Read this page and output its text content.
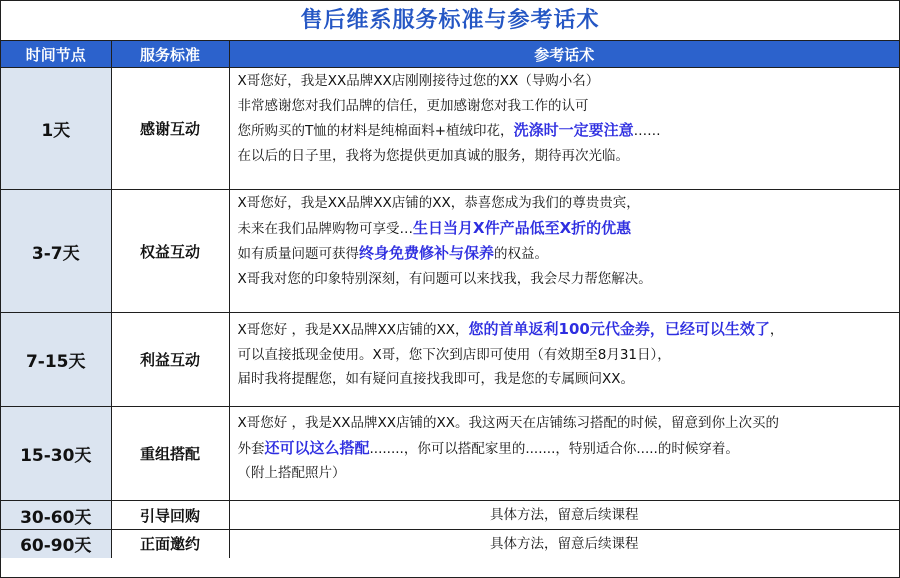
售后维系服务标准与参考话术
时间节点	服务标准	参考话术
1天	感谢互动	X哥您好，我是XX品牌XX店刚刚接待过您的XX（导购小名）

非常感谢您对我们品牌的信任，更加感谢您对我工作的认可

您所购买的T恤的材料是纯棉面料+植绒印花，洗涤时一定要注意……

在以后的日子里，我将为您提供更加真诚的服务，期待再次光临。

3-7天	权益互动	X哥您好，我是XX品牌XX店铺的XX，恭喜您成为我们的尊贵贵宾，

未来在我们品牌购物可享受…生日当月X件产品低至X折的优惠

如有质量问题可获得终身免费修补与保养的权益。

X哥我对您的印象特别深刻，有问题可以来找我，我会尽力帮您解决。

7-15天	利益互动	X哥您好 ，我是XX品牌XX店铺的XX，您的首单返利100元代金券，已经可以生效了，

可以直接抵现金使用。X哥，您下次到店即可使用（有效期至8月31日），

届时我将提醒您，如有疑问直接找我即可，我是您的专属顾问XX。

15-30天	重组搭配	X哥您好 ，我是XX品牌XX店铺的XX。我这两天在店铺练习搭配的时候，留意到你上次买的

外套还可以这么搭配........，你可以搭配家里的.......，特别适合你.....的时候穿着。

（附上搭配照片）

30-60天	引导回购	具体方法，留意后续课程

60-90天	正面邀约	具体方法，留意后续课程
